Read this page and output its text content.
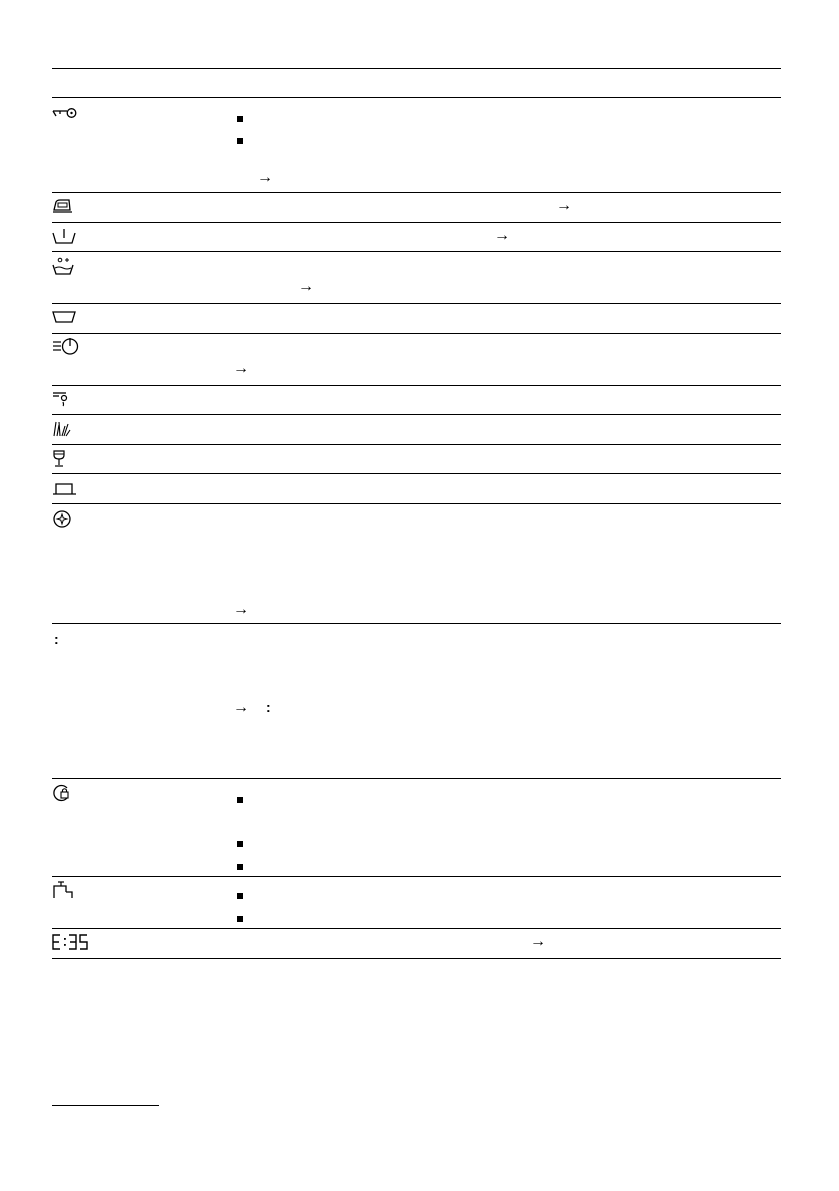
→
→
→
→
→
→
:
→ :
→
